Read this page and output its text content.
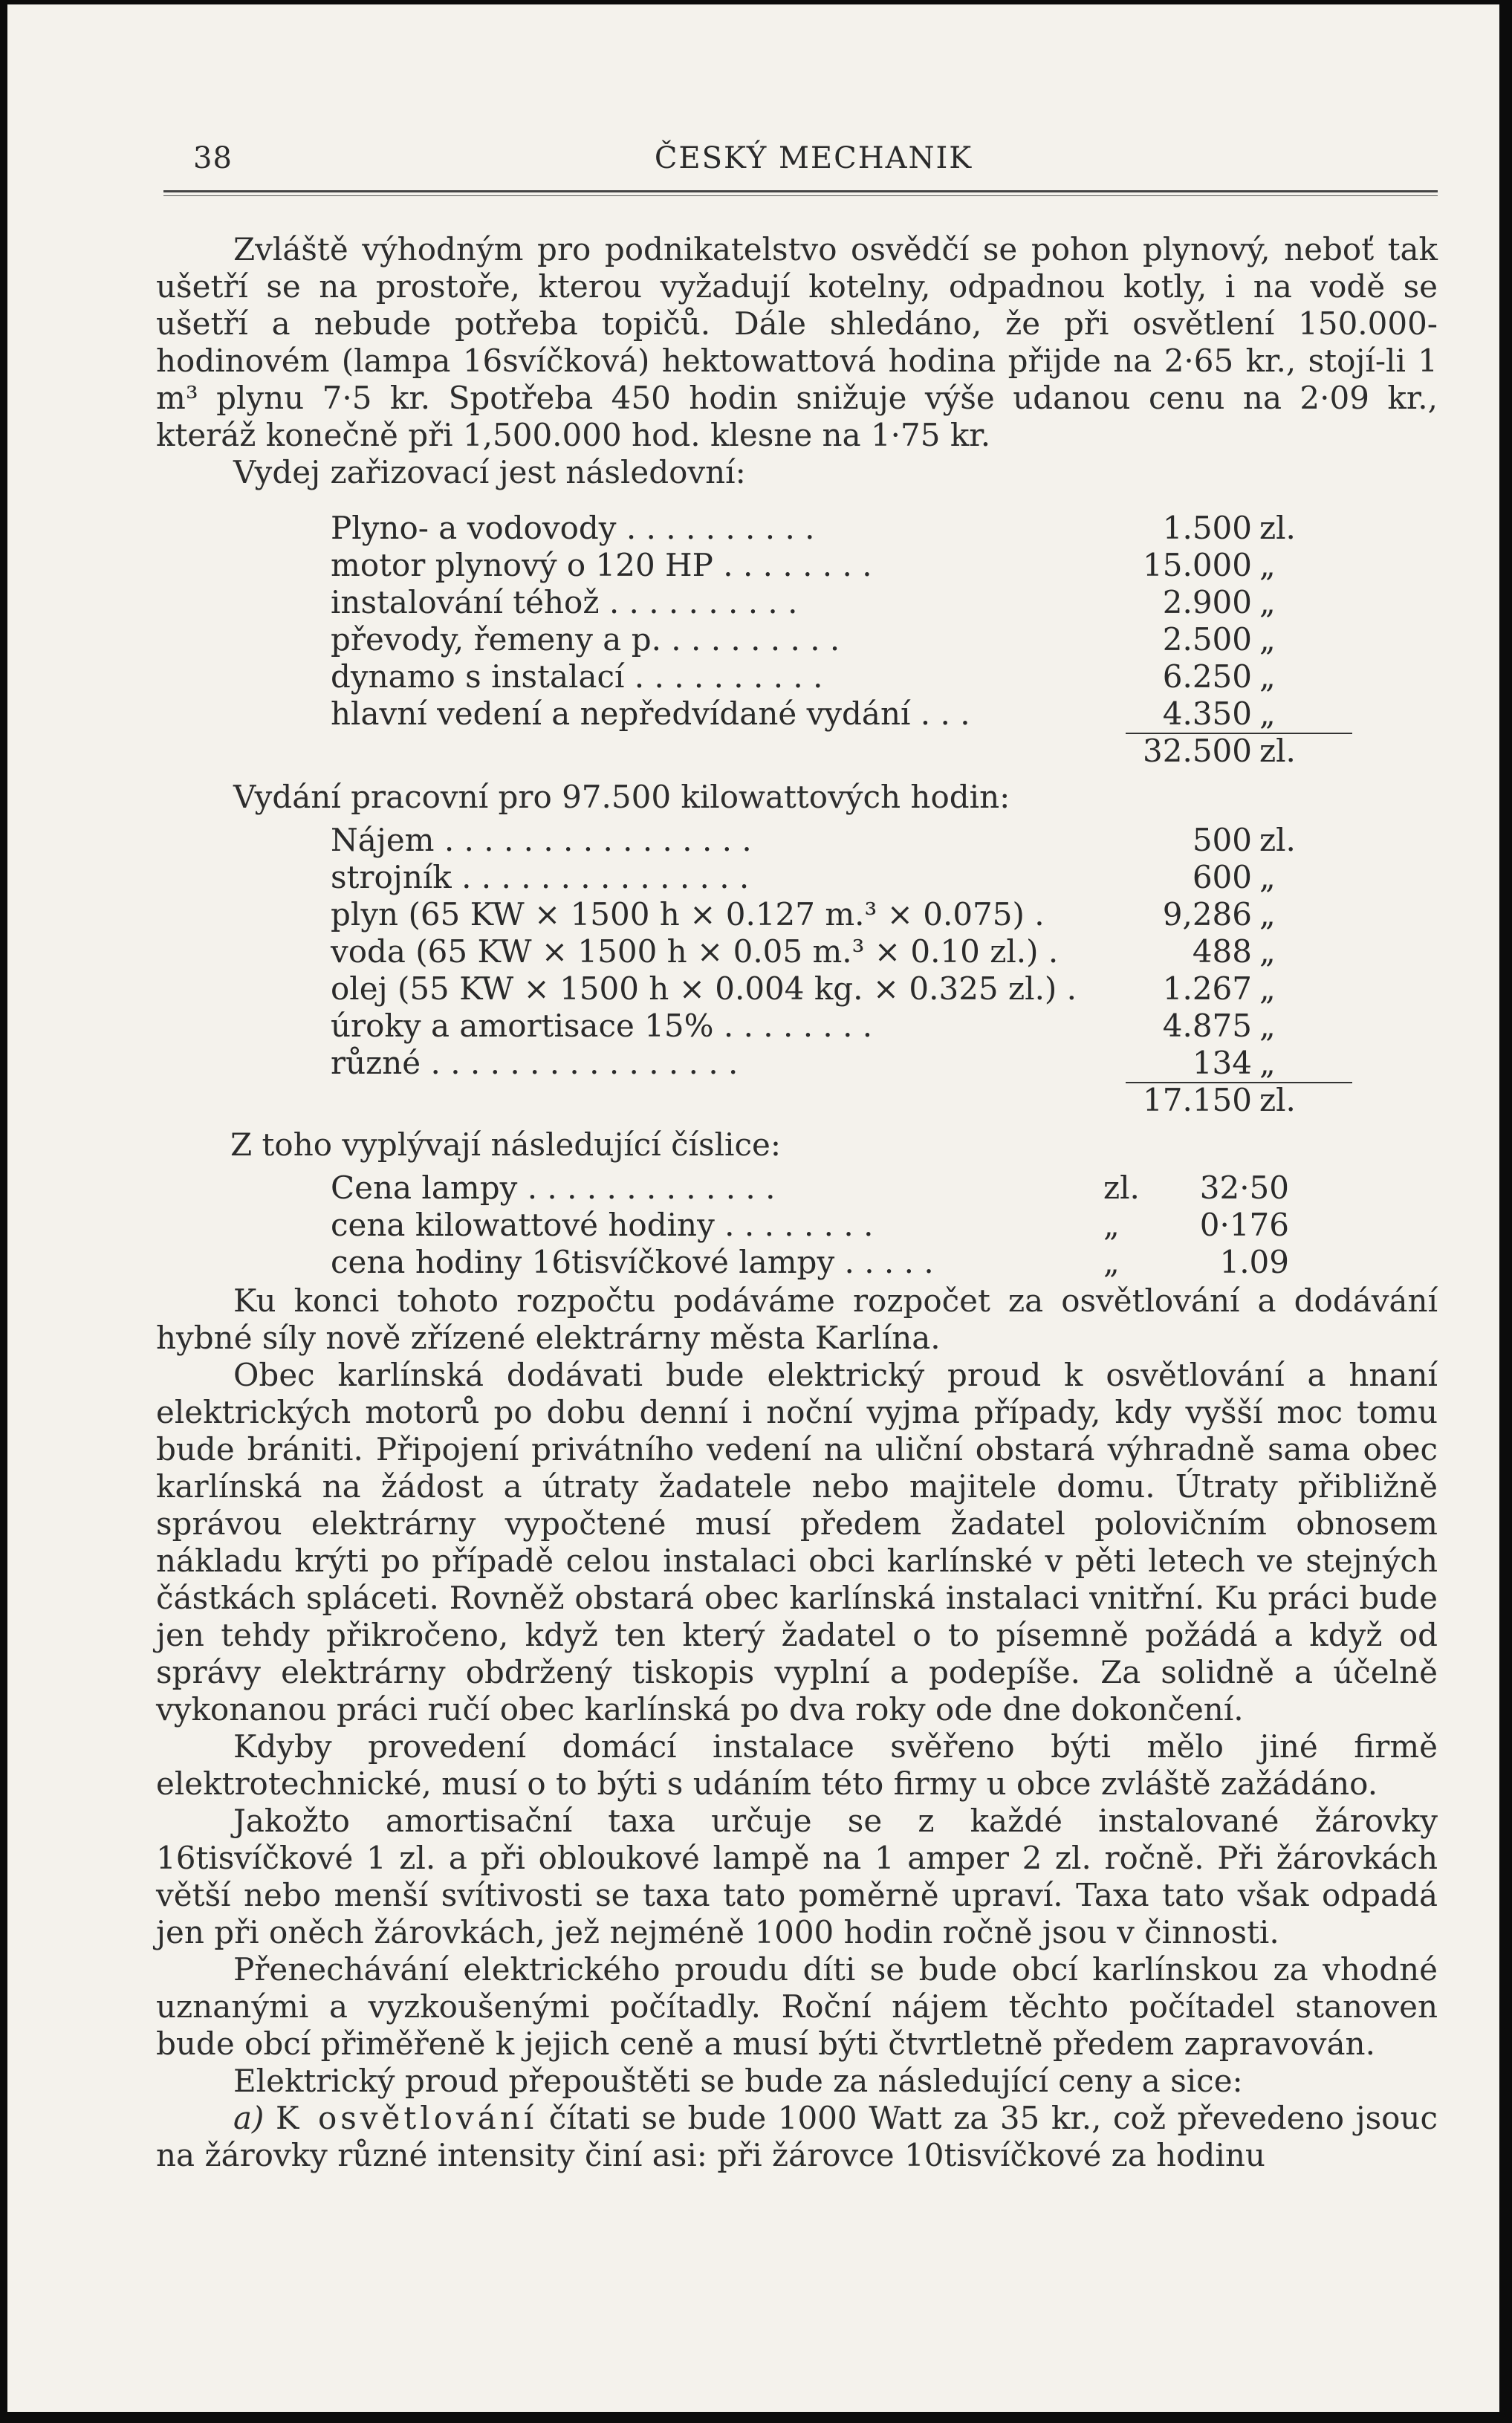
38	ČESKÝ MECHANIK

Zvláště výhodným pro podnikatelstvo osvědčí se pohon plynový, neboť tak ušetří se na prostoře, kterou vyžadují kotelny, odpadnou kotly, i na vodě se ušetří a nebude potřeba topičů. Dále shledáno, že při osvětlení 150.000-hodinovém (lampa 16svíčková) hektowattová hodina přijde na 2·65 kr., stojí-li 1 m³ plynu 7·5 kr. Spotřeba 450 hodin snižuje výše udanou cenu na 2·09 kr., kteráž konečně při 1,500.000 hod. klesne na 1·75 kr.

Vydej zařizovací jest následovní:

Plyno- a vodovody . . . . . . . . . .	1.500 zl.
motor plynový o 120 HP . . . . . . . .	15.000 „
instalování téhož . . . . . . . . . .	2.900 „
převody, řemeny a p. . . . . . . . . .	2.500 „
dynamo s instalací . . . . . . . . . .	6.250 „
hlavní vedení a nepředvídané vydání . . .	4.350 „
32.500 zl.

Vydání pracovní pro 97.500 kilowattových hodin:

Nájem . . . . . . . . . . . . . . . .	500 zl.
strojník . . . . . . . . . . . . . . .	600 „
plyn (65 KW × 1500 h × 0.127 m.³ × 0.075) .	9,286 „
voda (65 KW × 1500 h × 0.05 m.³ × 0.10 zl.) .	488 „
olej (55 KW × 1500 h × 0.004 kg. × 0.325 zl.) .	1.267 „
úroky a amortisace 15% . . . . . . . .	4.875 „
různé . . . . . . . . . . . . . . . .	134 „
17.150 zl.

Z toho vyplývají následující číslice:

Cena lampy . . . . . . . . . . . . .	zl. 32·50
cena kilowattové hodiny . . . . . . . .	„	0·176
cena hodiny 16tisvíčkové lampy . . . . .	„	1.09

Ku konci tohoto rozpočtu podáváme rozpočet za osvětlování a dodávání hybné síly nově zřízené elektrárny města Karlína.

Obec karlínská dodávati bude elektrický proud k osvětlování a hnaní elektrických motorů po dobu denní i noční vyjma případy, kdy vyšší moc tomu bude brániti. Připojení privátního vedení na uliční obstará výhradně sama obec karlínská na žádost a útraty žadatele nebo majitele domu. Útraty přibližně správou elektrárny vypočtené musí předem žadatel polovičním obnosem nákladu krýti po případě celou instalaci obci karlínské v pěti letech ve stejných částkách spláceti. Rovněž obstará obec karlínská instalaci vnitřní. Ku práci bude jen tehdy přikročeno, když ten který žadatel o to písemně požádá a když od správy elektrárny obdržený tiskopis vyplní a podepíše. Za solidně a účelně vykonanou práci ručí obec karlínská po dva roky ode dne dokončení.

Kdyby provedení domácí instalace svěřeno býti mělo jiné firmě elektrotechnické, musí o to býti s udáním této firmy u obce zvláště zažádáno.

Jakožto amortisační taxa určuje se z každé instalované žárovky 16tisvíčkové 1 zl. a při obloukové lampě na 1 amper 2 zl. ročně. Při žárovkách větší nebo menší svítivosti se taxa tato poměrně upraví. Taxa tato však odpadá jen při oněch žárovkách, jež nejméně 1000 hodin ročně jsou v činnosti.

Přenechávání elektrického proudu díti se bude obcí karlínskou za vhodné uznanými a vyzkoušenými počítadly. Roční nájem těchto počítadel stanoven bude obcí přiměřeně k jejich ceně a musí býti čtvrtletně předem zapravován.

Elektrický proud přepouštěti se bude za následující ceny a sice:

a) K osvětlování čítati se bude 1000 Watt za 35 kr., což převedeno jsouc na žárovky různé intensity činí asi: při žárovce 10tisvíčkové za hodinu
